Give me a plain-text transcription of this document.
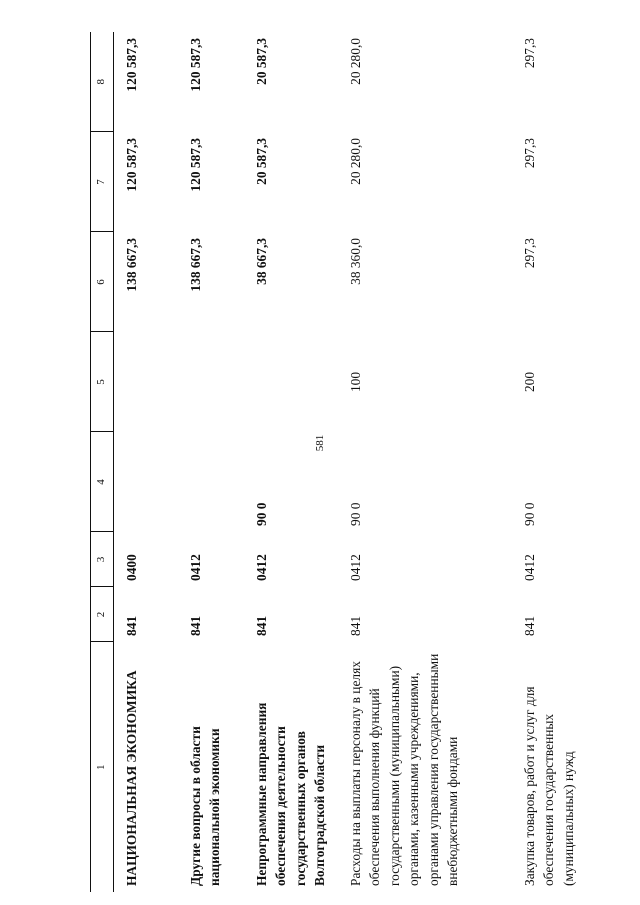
581
1	2	3	4	5	6	7	8
НАЦИОНАЛЬНАЯ ЭКОНОМИКА	841	0400			138 667,3	120 587,3	120 587,3
Другие вопросы в области национальной экономики	841	0412			138 667,3	120 587,3	120 587,3
Непрограммные направления обеспечения деятельности государственных органов Волгоградской области	841	0412	90 0		38 667,3	20 587,3	20 587,3
Расходы на выплаты персоналу в целях обеспечения выполнения функций государственными (муниципальными) органами, казенными учреждениями, органами управления государственными внебюджетными фондами	841	0412	90 0	100	38 360,0	20 280,0	20 280,0
Закупка товаров, работ и услуг для обеспечения государственных (муниципальных) нужд	841	0412	90 0	200	297,3	297,3	297,3
